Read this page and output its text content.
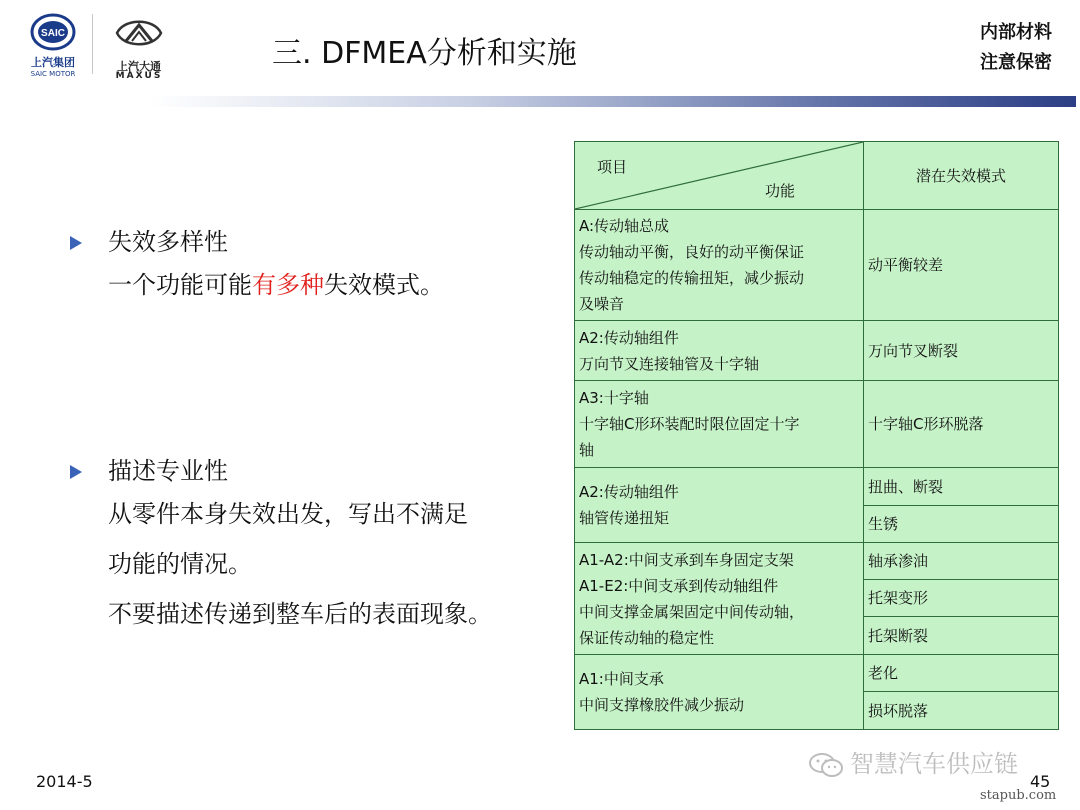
SAIC
上汽集团
SAIC MOTOR
上汽大通
MAXUS
三. DFMEA分析和实施
内部材料
注意保密
失效多样性
一个功能可能有多种失效模式。
描述专业性
从零件本身失效出发，写出不满足
功能的情况。
不要描述传递到整车后的表面现象。
项目
功能	潜在失效模式

A:传动轴总成
传动轴动平衡，良好的动平衡保证
传动轴稳定的传输扭矩，减少振动
及噪音	动平衡较差

A2:传动轴组件
万向节叉连接轴管及十字轴	万向节叉断裂

A3:十字轴
十字轴C形环装配时限位固定十字
轴	十字轴C形环脱落

A2:传动轴组件
轴管传递扭矩	扭曲、断裂
	生锈

A1-A2:中间支承到车身固定支架
A1-E2:中间支承到传动轴组件
中间支撑金属架固定中间传动轴，
保证传动轴的稳定性	轴承渗油
	托架变形
	托架断裂

A1:中间支承
中间支撑橡胶件减少振动	老化
	损坏脱落
智慧汽车供应链
2014-5	45
stapub.com
